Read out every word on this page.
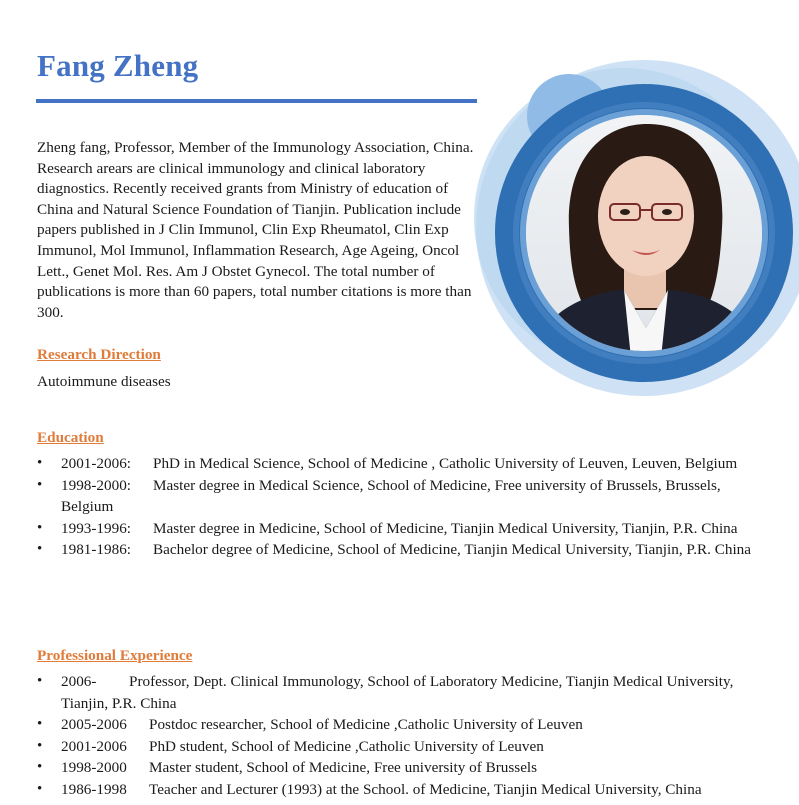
Fang Zheng

Zheng fang, Professor, Member of the Immunology Association, China. Research arears are clinical immunology and clinical laboratory diagnostics. Recently received grants from Ministry of education of China and Natural Science Foundation of Tianjin. Publication include papers published in J Clin Immunol, Clin Exp Rheumatol, Clin Exp Immunol, Mol Immunol, Inflammation Research, Age Ageing, Oncol Lett., Genet Mol. Res. Am J Obstet Gynecol. The total number of publications is more than 60 papers, total number citations is more than 300.

Research Direction
Autoimmune diseases
Education
•	2001-2006: PhD in Medical Science, School of Medicine , Catholic University of Leuven, Leuven, Belgium
•	1998-2000: Master degree in Medical Science, School of Medicine, Free university of Brussels, Brussels, Belgium
•	1993-1996: Master degree in Medicine, School of Medicine, Tianjin Medical University, Tianjin, P.R. China
•	1981-1986: Bachelor degree of Medicine, School of Medicine, Tianjin Medical University, Tianjin, P.R. China
Professional Experience
•	2006- Professor, Dept. Clinical Immunology, School of Laboratory Medicine, Tianjin Medical University, Tianjin, P.R. China
•	2005-2006 Postdoc researcher, School of Medicine ,Catholic University of Leuven
•	2001-2006 PhD student, School of Medicine ,Catholic University of Leuven
•	1998-2000 Master student, School of Medicine, Free university of Brussels
•	1986-1998 Teacher and Lecturer (1993) at the School. of Medicine, Tianjin Medical University, China
